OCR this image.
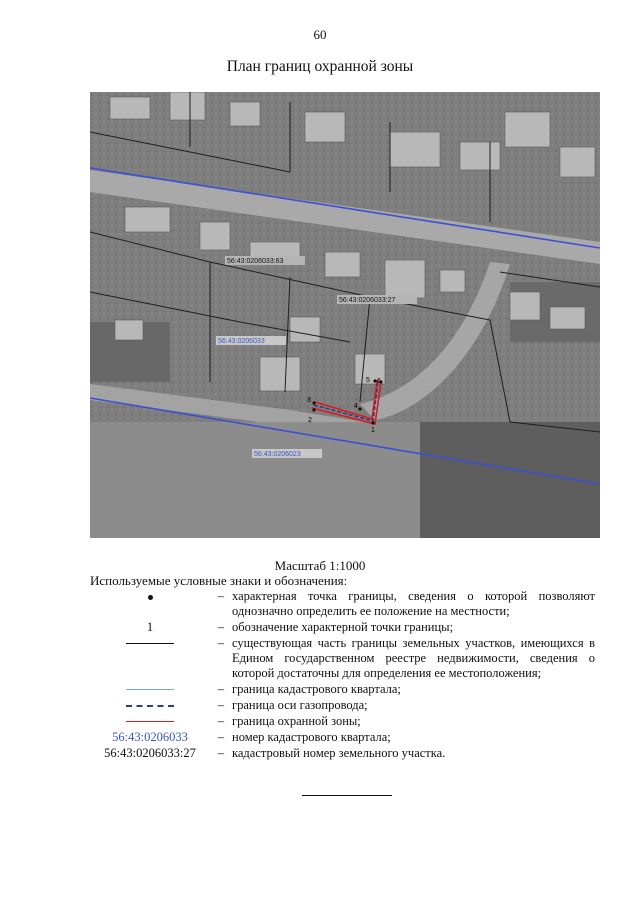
60
План границ охранной зоны
1
2
3
4
5 6
56:43:0206033:63
56:43:0206033:27
56:43:0206033
56:43:0206023
Масштаб 1:1000
Используемые условные знаки и обозначения:
– характерная точка границы, сведения о которой позволяют однозначно определить ее положение на местности;
1	– обозначение характерной точки границы;
– существующая часть границы земельных участков, имеющихся в Едином государственном реестре недвижимости, сведения о которой достаточны для определения ее местоположения;
– граница кадастрового квартала;
– граница оси газопровода;
– граница охранной зоны;
56:43:0206033	– номер кадастрового квартала;
56:43:0206033:27	– кадастровый номер земельного участка.
